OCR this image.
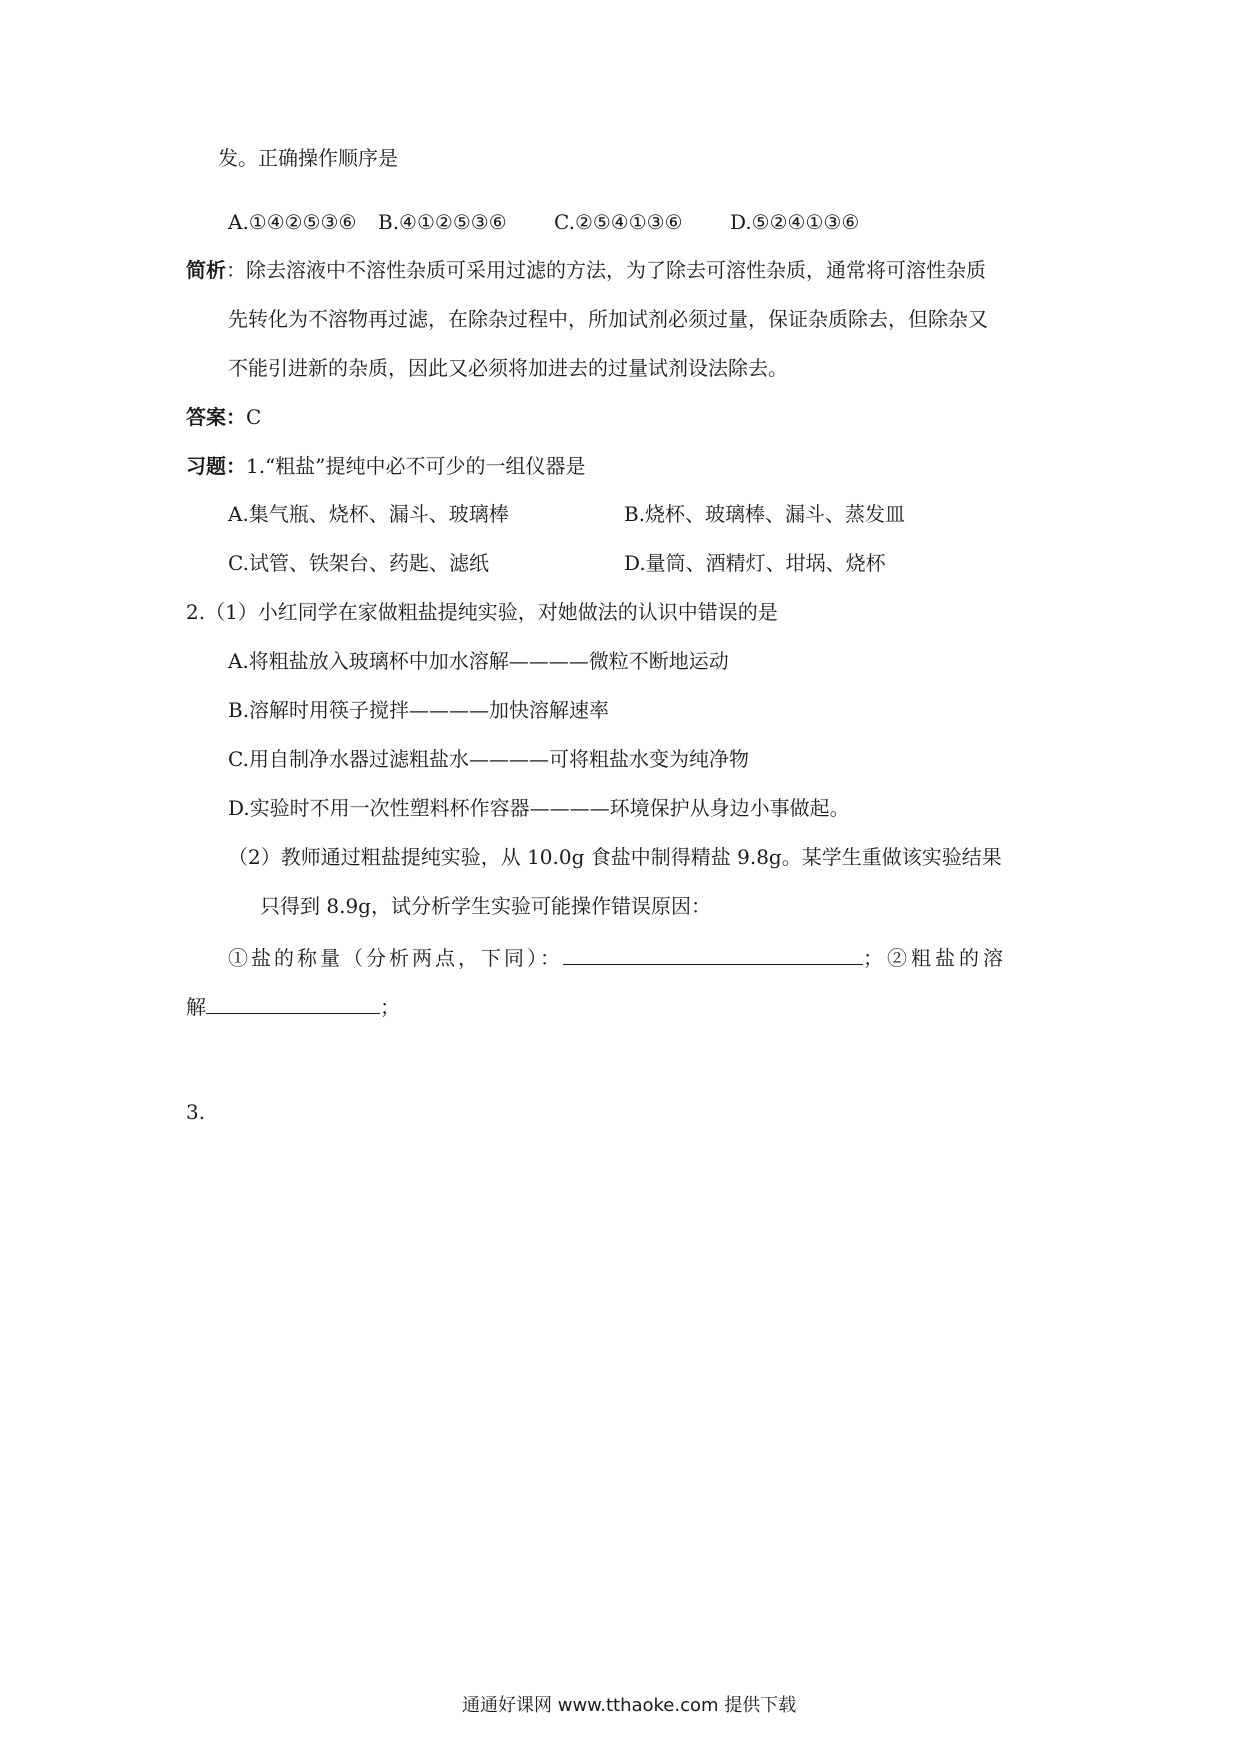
发。正确操作顺序是
A.①④②⑤③⑥ B.④①②⑤③⑥ C.②⑤④①③⑥ D.⑤②④①③⑥
简析：除去溶液中不溶性杂质可采用过滤的方法，为了除去可溶性杂质，通常将可溶性杂质
先转化为不溶物再过滤，在除杂过程中，所加试剂必须过量，保证杂质除去，但除杂又
不能引进新的杂质，因此又必须将加进去的过量试剂设法除去。
答案：C
习题：1.“粗盐”提纯中必不可少的一组仪器是
A.集气瓶、烧杯、漏斗、玻璃棒	B.烧杯、玻璃棒、漏斗、蒸发皿
C.试管、铁架台、药匙、滤纸	D.量筒、酒精灯、坩埚、烧杯
2.（1）小红同学在家做粗盐提纯实验，对她做法的认识中错误的是
A.将粗盐放入玻璃杯中加水溶解————微粒不断地运动
B.溶解时用筷子搅拌————加快溶解速率
C.用自制净水器过滤粗盐水————可将粗盐水变为纯净物
D.实验时不用一次性塑料杯作容器————环境保护从身边小事做起。
（2）教师通过粗盐提纯实验，从 10.0g 食盐中制得精盐 9.8g。某学生重做该实验结果
只得到 8.9g，试分析学生实验可能操作错误原因：
①盐的称量（分析两点，下同）：	；②粗盐的溶
解	；
3.
通通好课网 www.tthaoke.com 提供下载
